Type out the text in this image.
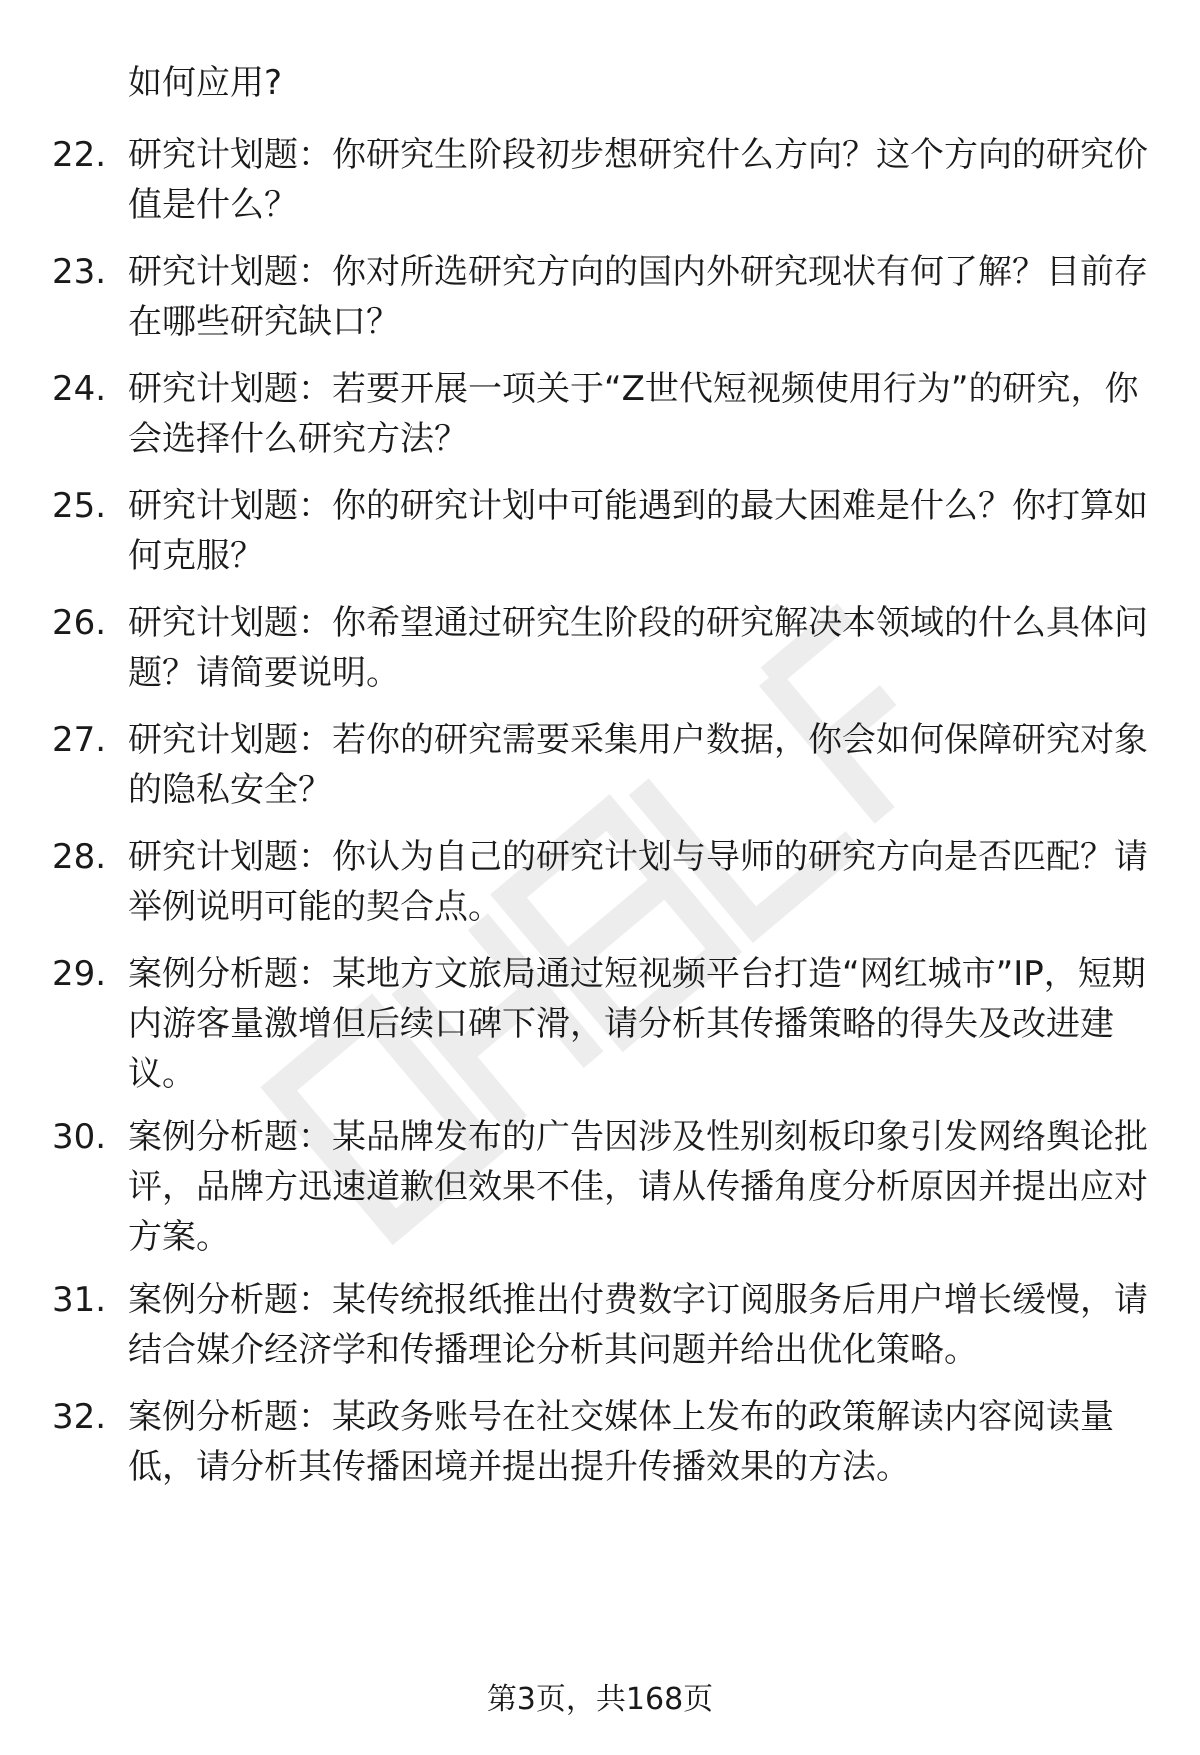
如何应用?
22. 研究计划题：你研究生阶段初步想研究什么方向？这个方向的研究价值是什么？
23. 研究计划题：你对所选研究方向的国内外研究现状有何了解？目前存在哪些研究缺口？
24. 研究计划题：若要开展一项关于“Z世代短视频使用行为”的研究，你会选择什么研究方法？
25. 研究计划题：你的研究计划中可能遇到的最大困难是什么？你打算如何克服？
26. 研究计划题：你希望通过研究生阶段的研究解决本领域的什么具体问题？请简要说明。
27. 研究计划题：若你的研究需要采集用户数据，你会如何保障研究对象的隐私安全？
28. 研究计划题：你认为自己的研究计划与导师的研究方向是否匹配？请举例说明可能的契合点。
29. 案例分析题：某地方文旅局通过短视频平台打造“网红城市”IP，短期内游客量激增但后续口碑下滑，请分析其传播策略的得失及改进建议。
30. 案例分析题：某品牌发布的广告因涉及性别刻板印象引发网络舆论批评，品牌方迅速道歉但效果不佳，请从传播角度分析原因并提出应对方案。
31. 案例分析题：某传统报纸推出付费数字订阅服务后用户增长缓慢，请结合媒介经济学和传播理论分析其问题并给出优化策略。
32. 案例分析题：某政务账号在社交媒体上发布的政策解读内容阅读量低，请分析其传播困境并提出提升传播效果的方法。
第3页，共168页
